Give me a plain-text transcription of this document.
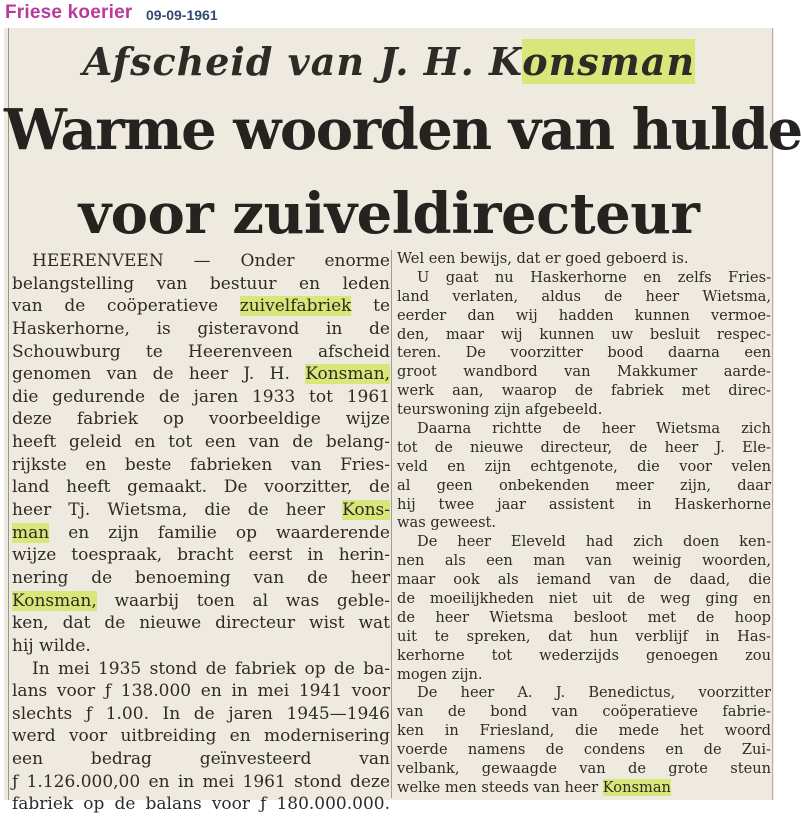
Friese koerier 09-09-1961
Afscheid van J. H. Konsman
Warme woorden van hulde
voor zuiveldirecteur
HEERENVEEN — Onder enorme
belangstelling van bestuur en leden
van de coöperatieve zuivelfabriek te
Haskerhorne, is gisteravond in de
Schouwburg te Heerenveen afscheid
genomen van de heer J. H. Konsman,
die gedurende de jaren 1933 tot 1961
deze fabriek op voorbeeldige wijze
heeft geleid en tot een van de belang-
rijkste en beste fabrieken van Fries-
land heeft gemaakt. De voorzitter, de
heer Tj. Wietsma, die de heer Kons-
man en zijn familie op waarderende
wijze toespraak, bracht eerst in herin-
nering de benoeming van de heer
Konsman, waarbij toen al was geble-
ken, dat de nieuwe directeur wist wat
hij wilde.
In mei 1935 stond de fabriek op de ba-
lans voor ƒ 138.000 en in mei 1941 voor
slechts ƒ 1.00. In de jaren 1945—1946
werd voor uitbreiding en modernisering
een bedrag geïnvesteerd van
ƒ 1.126.000,00 en in mei 1961 stond deze
fabriek op de balans voor ƒ 180.000.000.
Wel een bewijs, dat er goed geboerd is.
U gaat nu Haskerhorne en zelfs Fries-
land verlaten, aldus de heer Wietsma,
eerder dan wij hadden kunnen vermoe-
den, maar wij kunnen uw besluit respec-
teren. De voorzitter bood daarna een
groot wandbord van Makkumer aarde-
werk aan, waarop de fabriek met direc-
teurswoning zijn afgebeeld.
Daarna richtte de heer Wietsma zich
tot de nieuwe directeur, de heer J. Ele-
veld en zijn echtgenote, die voor velen
al geen onbekenden meer zijn, daar
hij twee jaar assistent in Haskerhorne
was geweest.
De heer Eleveld had zich doen ken-
nen als een man van weinig woorden,
maar ook als iemand van de daad, die
de moeilijkheden niet uit de weg ging en
de heer Wietsma besloot met de hoop
uit te spreken, dat hun verblijf in Has-
kerhorne tot wederzijds genoegen zou
mogen zijn.
De heer A. J. Benedictus, voorzitter
van de bond van coöperatieve fabrie-
ken in Friesland, die mede het woord
voerde namens de condens en de Zui-
velbank, gewaagde van de grote steun
welke men steeds van heer Konsman
